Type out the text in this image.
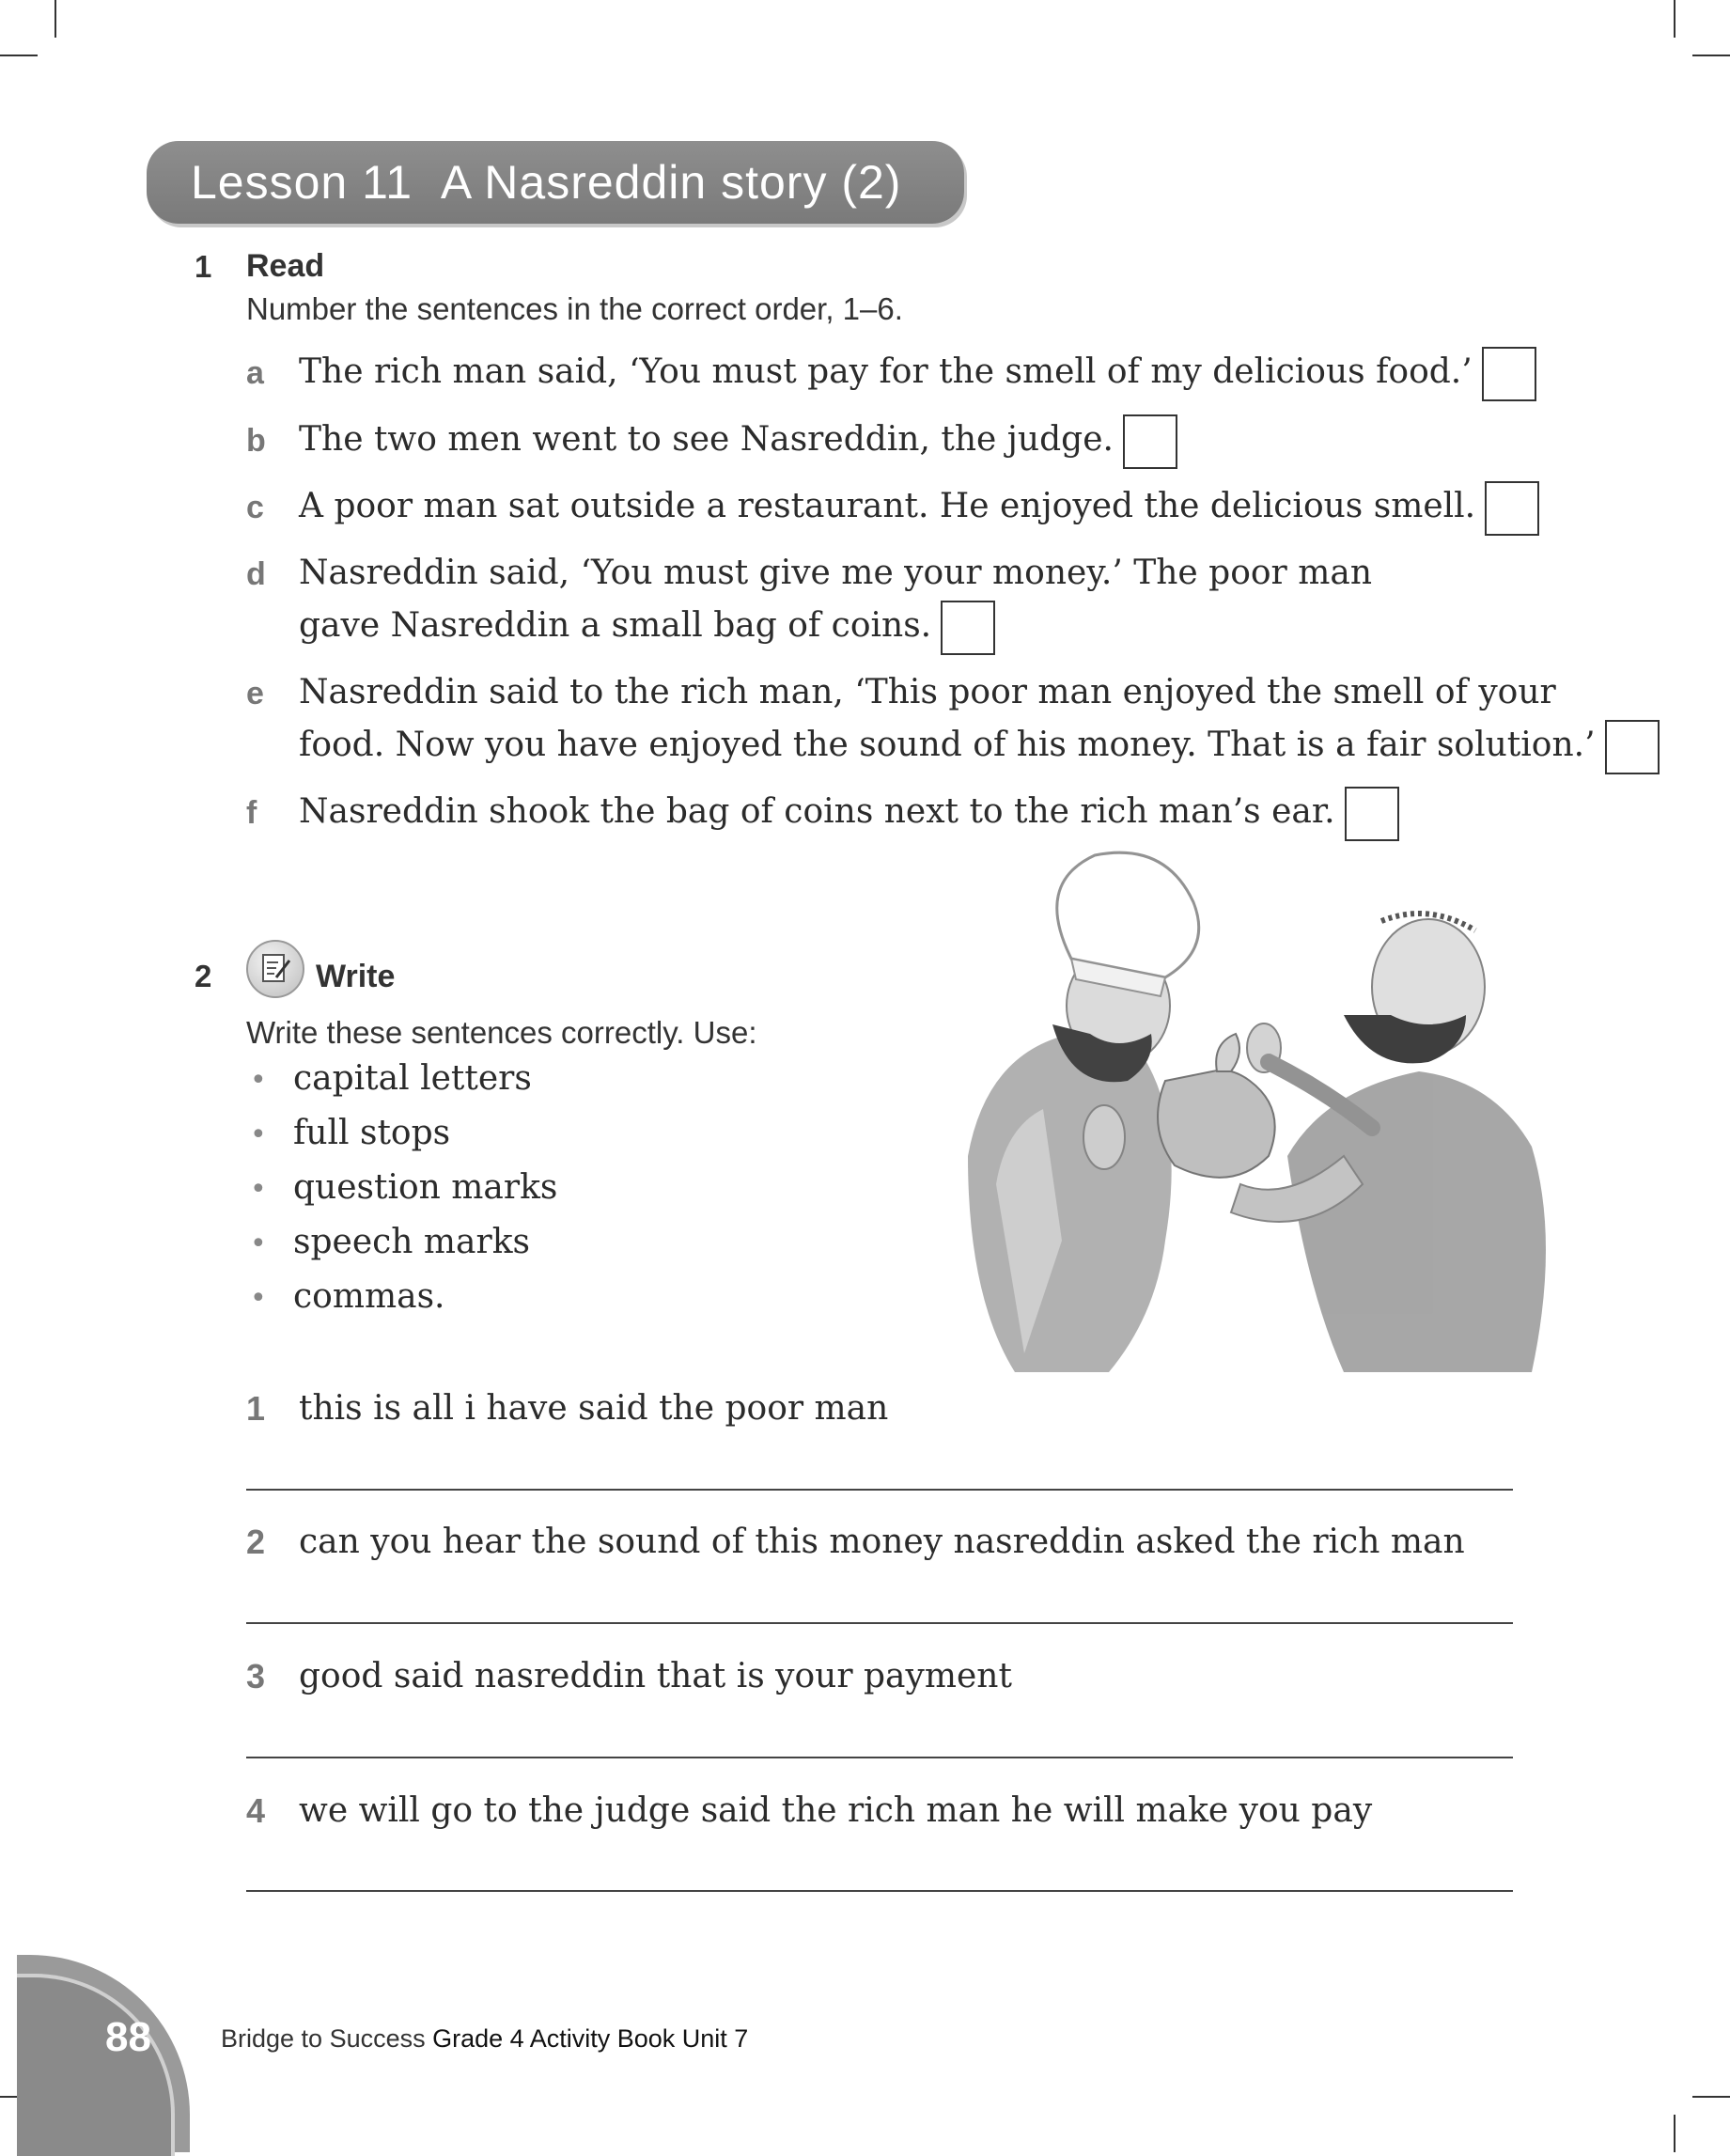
Lesson 11 A Nasreddin story (2)
1 Read
Number the sentences in the correct order, 1–6.
a The rich man said, ‘You must pay for the smell of my delicious food.’
b The two men went to see Nasreddin, the judge.
c A poor man sat outside a restaurant. He enjoyed the delicious smell.
d Nasreddin said, ‘You must give me your money.’ The poor man
gave Nasreddin a small bag of coins.
e Nasreddin said to the rich man, ‘This poor man enjoyed the smell of your
food. Now you have enjoyed the sound of his money. That is a fair solution.’
f Nasreddin shook the bag of coins next to the rich man’s ear.
2	Write
Write these sentences correctly. Use:
• capital letters
• full stops
• question marks
• speech marks
• commas.
1 this is all i have said the poor man
2 can you hear the sound of this money nasreddin asked the rich man
3 good said nasreddin that is your payment
4 we will go to the judge said the rich man he will make you pay
88	Bridge to Success Grade 4 Activity Book Unit 7
